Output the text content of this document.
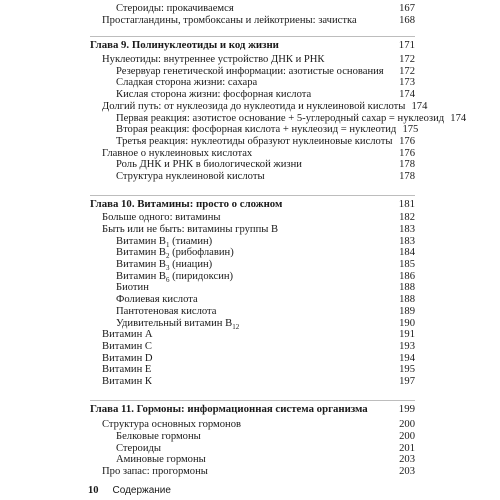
Стероиды: прокачиваемся	167
Простагландины, тромбоксаны и лейкотриены: зачистка	168
Глава 9. Полинуклеотиды и код жизни	171
Нуклеотиды: внутреннее устройство ДНК и РНК	172
Резервуар генетической информации: азотистые основания	172
Сладкая сторона жизни: сахара	173
Кислая сторона жизни: фосфорная кислота	174
Долгий путь: от нуклеозида до нуклеотида и нуклеиновой кислоты 174
Первая реакция: азотистое основание + 5-углеродный сахар = нуклеозид 174
Вторая реакция: фосфорная кислота + нуклеозид = нуклеотид 175
Третья реакция: нуклеотиды образуют нуклеиновые кислоты 176
Главное о нуклеиновых кислотах	176
Роль ДНК и РНК в биологической жизни	178
Структура нуклеиновой кислоты	178
Глава 10. Витамины: просто о сложном	181
Больше одного: витамины	182
Быть или не быть: витамины группы В	183
Витамин $B_1$ (тиамин)	183
Витамин $B_2$ (рибофлавин)	184
Витамин $B_3$ (ниацин)	185
Витамин $B_6$ (пиридоксин)	186
Биотин	188
Фолиевая кислота	188
Пантотеновая кислота	189
Удивительный витамин $B_{12}$	190
Витамин А	191
Витамин С	193
Витамин D	194
Витамин Е	195
Витамин К	197
Глава 11. Гормоны: информационная система организма	199
Структура основных гормонов	200
Белковые гормоны	200
Стероиды	201
Аминовые гормоны	203
Про запас: прогормоны	203
10 Содержание
